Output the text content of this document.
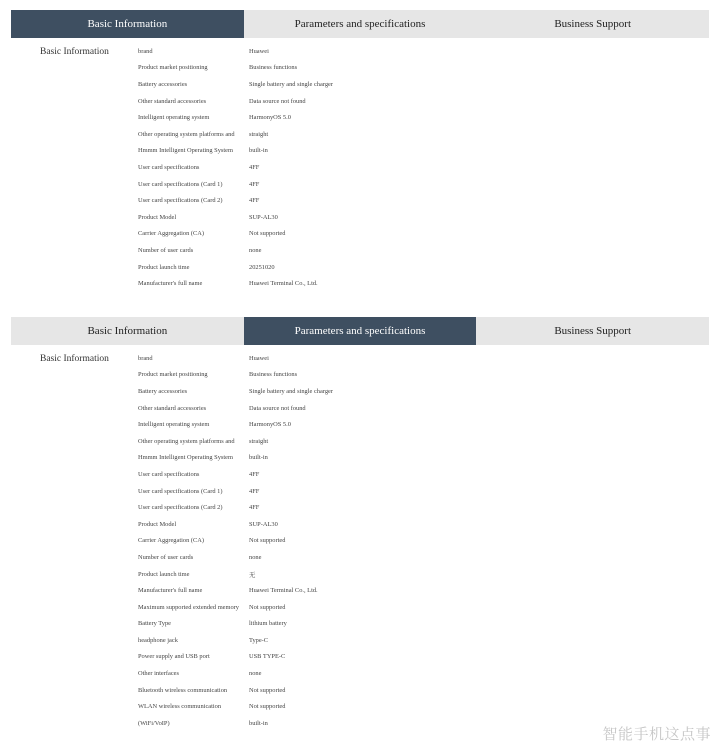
Basic Information	Parameters and specifications	Business Support
Basic Information	brand	Huawei
Product market positioning	Business functions
Battery accessories	Single battery and single charger
Other standard accessories	Data source not found
Intelligent operating system	HarmonyOS 5.0
Other operating system platforms and	straight
Hmmm Intelligent Operating System	built-in
User card specifications	4FF
User card specifications (Card 1)	4FF
User card specifications (Card 2)	4FF
Product Model	SUP-AL30
Carrier Aggregation (CA)	Not supported
Number of user cards	none
Product launch time	20251020
Manufacturer's full name	Huawei Terminal Co., Ltd.
Basic Information	Parameters and specifications	Business Support
Basic Information	brand	Huawei
Product market positioning	Business functions
Battery accessories	Single battery and single charger
Other standard accessories	Data source not found
Intelligent operating system	HarmonyOS 5.0
Other operating system platforms and	straight
Hmmm Intelligent Operating System	built-in
User card specifications	4FF
User card specifications (Card 1)	4FF
User card specifications (Card 2)	4FF
Product Model	SUP-AL30
Carrier Aggregation (CA)	Not supported
Number of user cards	none
Product launch time	无
Manufacturer's full name	Huawei Terminal Co., Ltd.
Maximum supported extended memory	Not supported
Battery Type	lithium battery
headphone jack	Type-C
Power supply and USB port	USB TYPE-C
Other interfaces	none
Bluetooth wireless communication	Not supported
WLAN wireless communication	Not supported
(WiFi/VoIP)	built-in
智能手机这点事
